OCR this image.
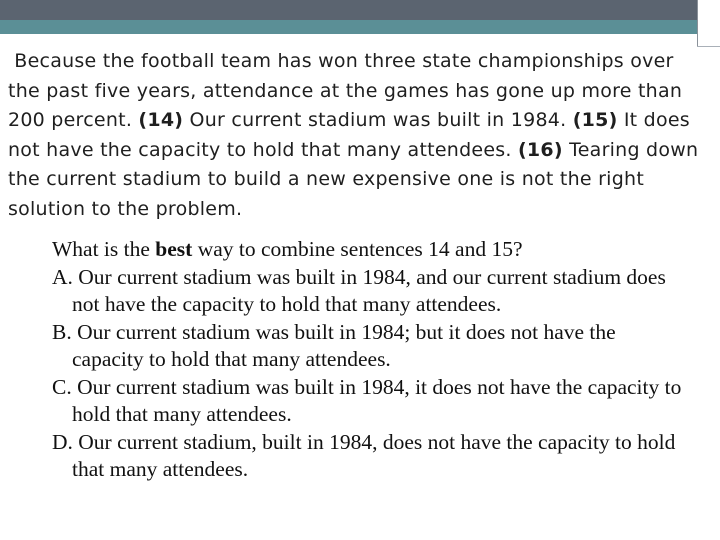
Because the football team has won three state championships over the past five years, attendance at the games has gone up more than 200 percent. (14) Our current stadium was built in 1984. (15) It does not have the capacity to hold that many attendees. (16) Tearing down the current stadium to build a new expensive one is not the right solution to the problem.

What is the best way to combine sentences 14 and 15?

A. Our current stadium was built in 1984, and our current stadium does not have the capacity to hold that many attendees.

B. Our current stadium was built in 1984; but it does not have the capacity to hold that many attendees.

C. Our current stadium was built in 1984, it does not have the capacity to hold that many attendees.

D. Our current stadium, built in 1984, does not have the capacity to hold that many attendees.
